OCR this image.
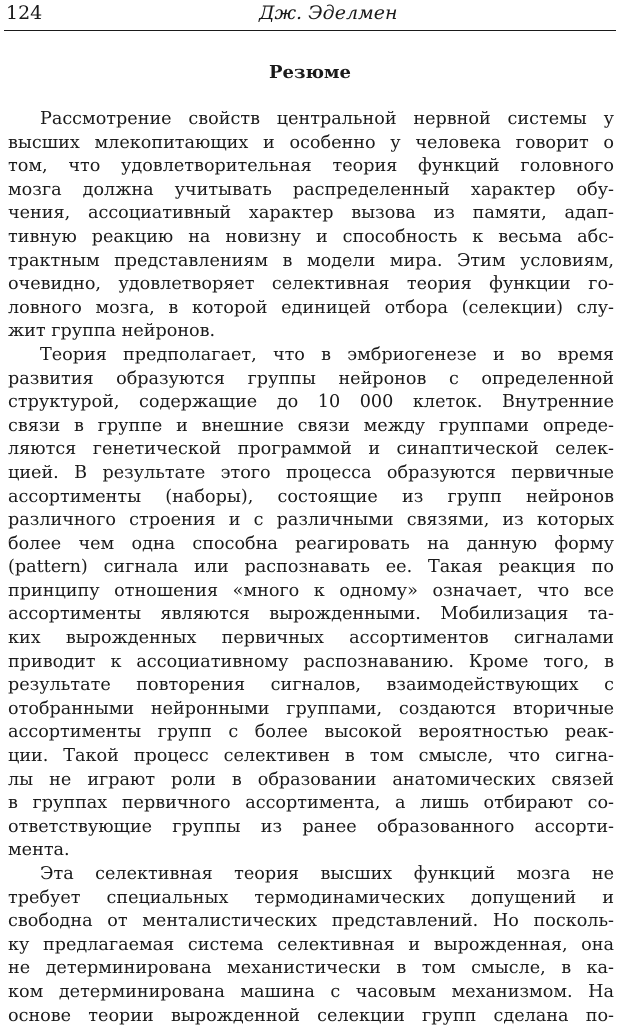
124	Дж. Эделмен
Резюме
Рассмотрение свойств центральной нервной системы у
высших млекопитающих и особенно у человека говорит о
том, что удовлетворительная теория функций головного
мозга должна учитывать распределенный характер обу-
чения, ассоциативный характер вызова из памяти, адап-
тивную реакцию на новизну и способность к весьма абс-
трактным представлениям в модели мира. Этим условиям,
очевидно, удовлетворяет селективная теория функции го-
ловного мозга, в которой единицей отбора (селекции) слу-
жит группа нейронов.
Теория предполагает, что в эмбриогенезе и во время
развития образуются группы нейронов с определенной
структурой, содержащие до 10 000 клеток. Внутренние
связи в группе и внешние связи между группами опреде-
ляются генетической программой и синаптической селек-
цией. В результате этого процесса образуются первичные
ассортименты (наборы), состоящие из групп нейронов
различного строения и с различными связями, из которых
более чем одна способна реагировать на данную форму
(pattern) сигнала или распознавать ее. Такая реакция по
принципу отношения «много к одному» означает, что все
ассортименты являются вырожденными. Мобилизация та-
ких вырожденных первичных ассортиментов сигналами
приводит к ассоциативному распознаванию. Кроме того, в
результате повторения сигналов, взаимодействующих с
отобранными нейронными группами, создаются вторичные
ассортименты групп с более высокой вероятностью реак-
ции. Такой процесс селективен в том смысле, что сигна-
лы не играют роли в образовании анатомических связей
в группах первичного ассортимента, а лишь отбирают со-
ответствующие группы из ранее образованного ассорти-
мента.
Эта селективная теория высших функций мозга не
требует специальных термодинамических допущений и
свободна от менталистических представлений. Но посколь-
ку предлагаемая система селективная и вырожденная, она
не детерминирована механистически в том смысле, в ка-
ком детерминирована машина с часовым механизмом. На
основе теории вырожденной селекции групп сделана по-
